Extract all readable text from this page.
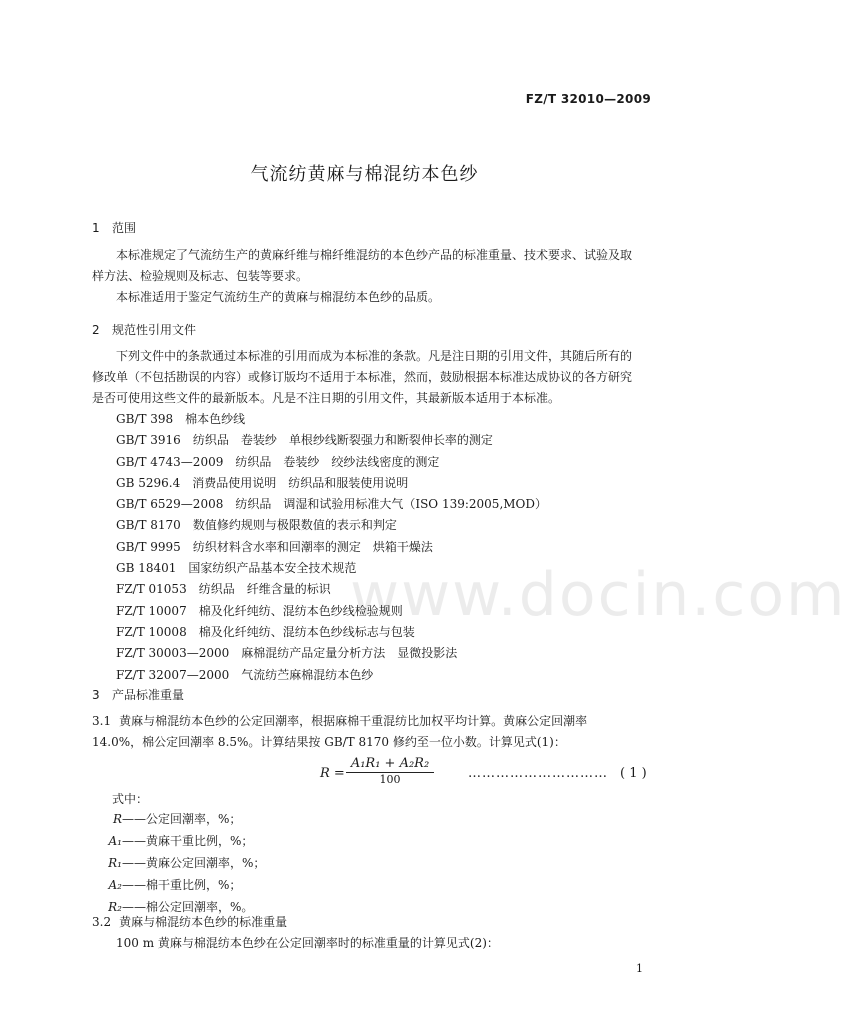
FZ/T 32010—2009
气流纺黄麻与棉混纺本色纱
1 范围
本标准规定了气流纺生产的黄麻纤维与棉纤维混纺的本色纱产品的标准重量、技术要求、试验及取样方法、检验规则及标志、包装等要求。
本标准适用于鉴定气流纺生产的黄麻与棉混纺本色纱的品质。
2 规范性引用文件
下列文件中的条款通过本标准的引用而成为本标准的条款。凡是注日期的引用文件，其随后所有的修改单（不包括勘误的内容）或修订版均不适用于本标准，然而，鼓励根据本标准达成协议的各方研究是否可使用这些文件的最新版本。凡是不注日期的引用文件，其最新版本适用于本标准。
GB/T 398 棉本色纱线
GB/T 3916 纺织品　卷装纱　单根纱线断裂强力和断裂伸长率的测定
GB/T 4743—2009 纺织品　卷装纱　绞纱法线密度的测定
GB 5296.4 消费品使用说明　纺织品和服装使用说明
GB/T 6529—2008 纺织品　调湿和试验用标准大气（ISO 139:2005,MOD）
GB/T 8170 数值修约规则与极限数值的表示和判定
GB/T 9995 纺织材料含水率和回潮率的测定　烘箱干燥法
GB 18401 国家纺织产品基本安全技术规范
FZ/T 01053 纺织品　纤维含量的标识
FZ/T 10007 棉及化纤纯纺、混纺本色纱线检验规则
FZ/T 10008 棉及化纤纯纺、混纺本色纱线标志与包装
FZ/T 30003—2000 麻棉混纺产品定量分析方法　显微投影法
FZ/T 32007—2000 气流纺苎麻棉混纺本色纱
3 产品标准重量
3.1 黄麻与棉混纺本色纱的公定回潮率，根据麻棉干重混纺比加权平均计算。黄麻公定回潮率
14.0%，棉公定回潮率 8.5%。计算结果按 GB/T 8170 修约至一位小数。计算见式(1)：
R =
A₁R₁ + A₂R₂
100	………………………… ( 1 )
式中：
R——公定回潮率，%；
A₁——黄麻干重比例，%；
R₁——黄麻公定回潮率，%；
A₂——棉干重比例，%；
R₂——棉公定回潮率，%。
3.2 黄麻与棉混纺本色纱的标准重量
100 m 黄麻与棉混纺本色纱在公定回潮率时的标准重量的计算见式(2)：
www.docin.com
1
